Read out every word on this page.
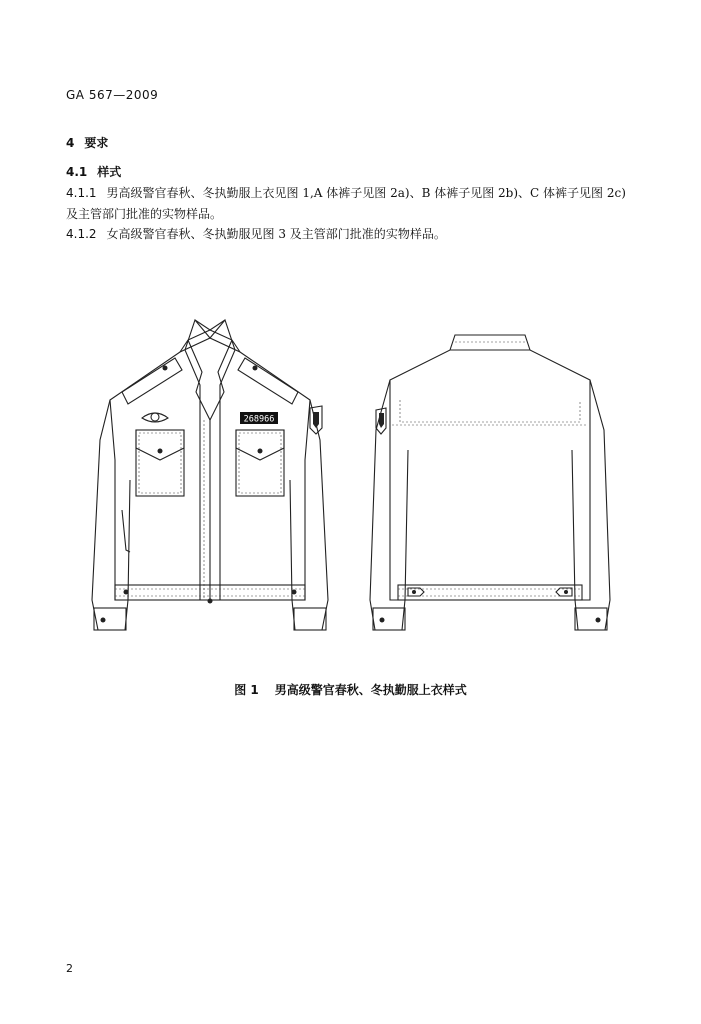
GA 567—2009
4 要求
4.1 样式
4.1.1 男高级警官春秋、冬执勤服上衣见图 1,A 体裤子见图 2a)、B 体裤子见图 2b)、C 体裤子见图 2c)
及主管部门批准的实物样品。
4.1.2 女高级警官春秋、冬执勤服见图 3 及主管部门批准的实物样品。
268966
图 1 男高级警官春秋、冬执勤服上衣样式
2
